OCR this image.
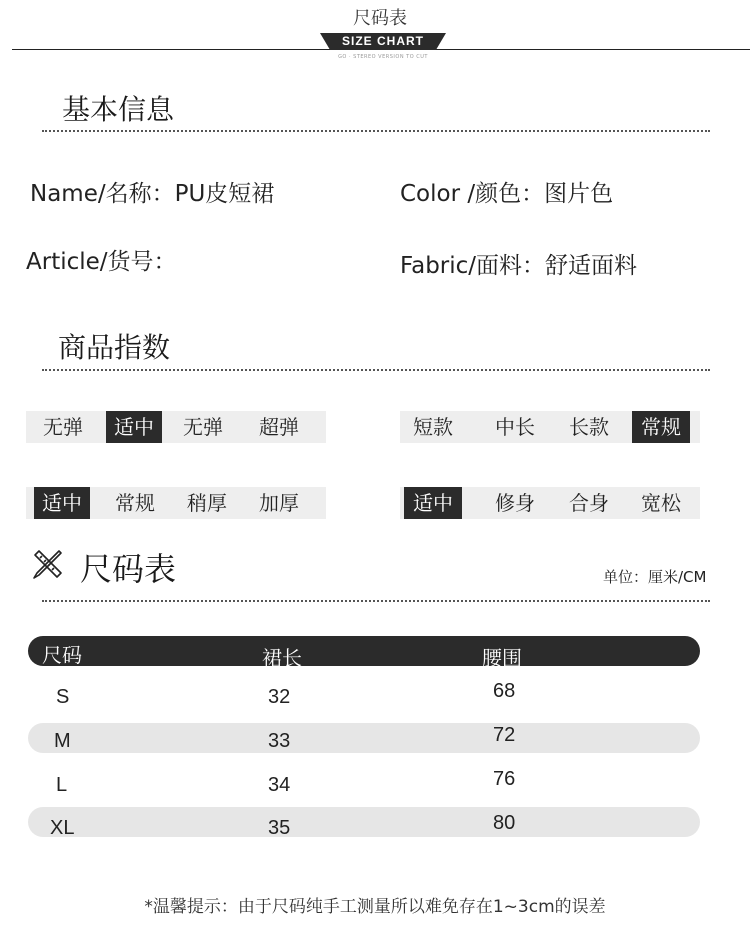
尺码表
SIZE CHART
GO · STEREO VERSION TO CUT
基本信息
Name/名称：PU皮短裙	Color /颜色：图片色
Article/货号：	Fabric/面料：舒适面料
商品指数
无弹	适中	无弹	超弹	短款	中长	长款	常规
适中	常规	稍厚	加厚	适中	修身	合身	宽松
尺码表	单位：厘米/CM
尺码	裙长	腰围
S	32	68
M	33	72
L	34	76
XL	35	80
*温馨提示：由于尺码纯手工测量所以难免存在1~3cm的误差
